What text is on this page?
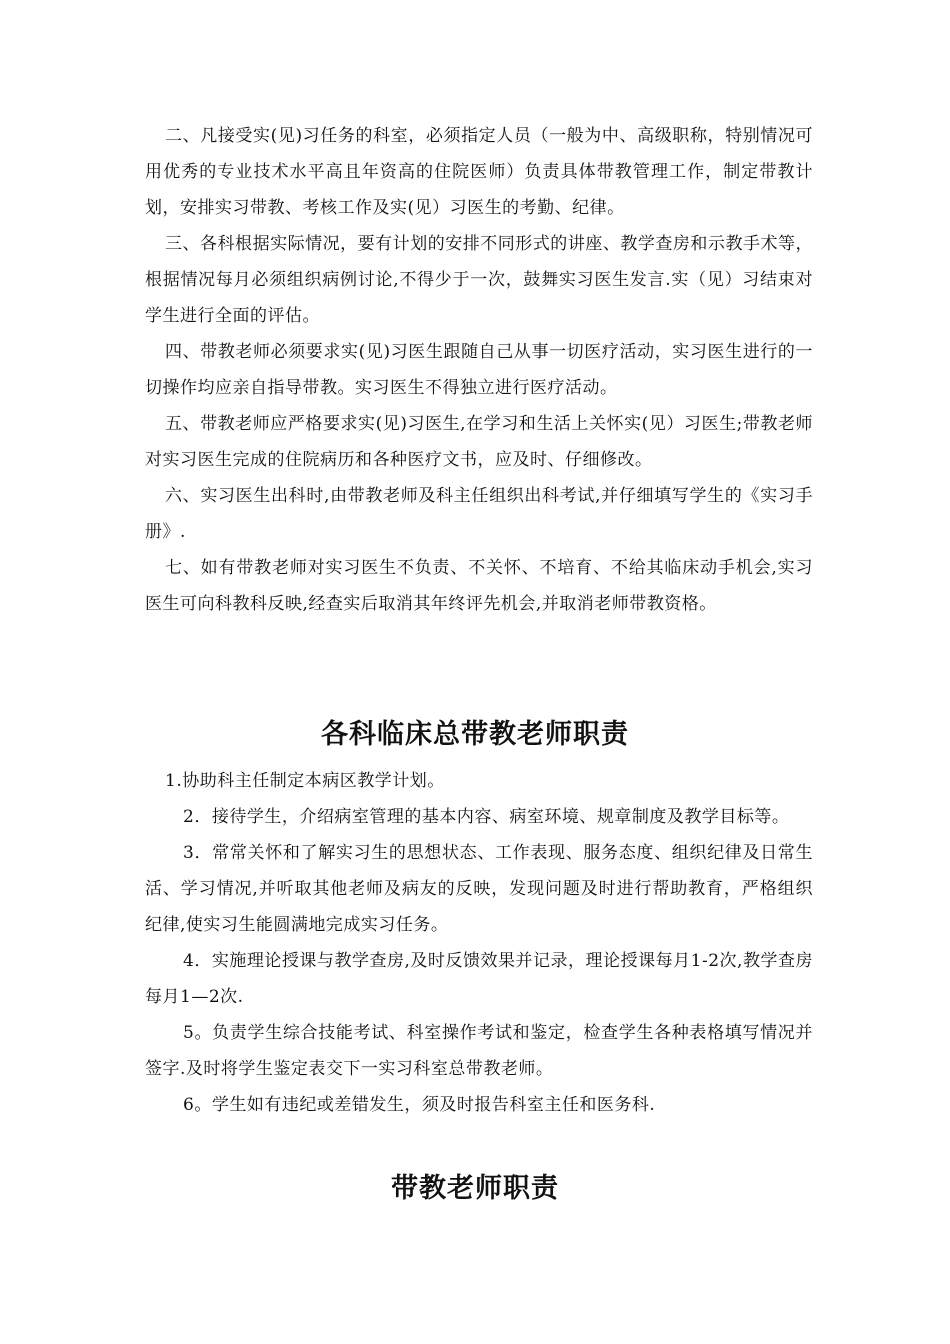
二、凡接受实(见)习任务的科室，必须指定人员（一般为中、高级职称，特别情况可用优秀的专业技术水平高且年资高的住院医师）负责具体带教管理工作，制定带教计划，安排实习带教、考核工作及实(见）习医生的考勤、纪律。

三、各科根据实际情况，要有计划的安排不同形式的讲座、教学查房和示教手术等，根据情况每月必须组织病例讨论,不得少于一次，鼓舞实习医生发言.实（见）习结束对学生进行全面的评估。

四、带教老师必须要求实(见)习医生跟随自己从事一切医疗活动，实习医生进行的一切操作均应亲自指导带教。实习医生不得独立进行医疗活动。

五、带教老师应严格要求实(见)习医生,在学习和生活上关怀实(见）习医生;带教老师对实习医生完成的住院病历和各种医疗文书，应及时、仔细修改。

六、实习医生出科时,由带教老师及科主任组织出科考试,并仔细填写学生的《实习手册》.

七、如有带教老师对实习医生不负责、不关怀、不培育、不给其临床动手机会,实习医生可向科教科反映,经查实后取消其年终评先机会,并取消老师带教资格。

各科临床总带教老师职责

1.协助科主任制定本病区教学计划。

2．接待学生，介绍病室管理的基本内容、病室环境、规章制度及教学目标等。

3．常常关怀和了解实习生的思想状态、工作表现、服务态度、组织纪律及日常生活、学习情况,并听取其他老师及病友的反映，发现问题及时进行帮助教育，严格组织纪律,使实习生能圆满地完成实习任务。

4．实施理论授课与教学查房,及时反馈效果并记录，理论授课每月1-2次,教学查房每月1—2次.

5。负责学生综合技能考试、科室操作考试和鉴定，检查学生各种表格填写情况并签字.及时将学生鉴定表交下一实习科室总带教老师。

6。学生如有违纪或差错发生，须及时报告科室主任和医务科.

带教老师职责
